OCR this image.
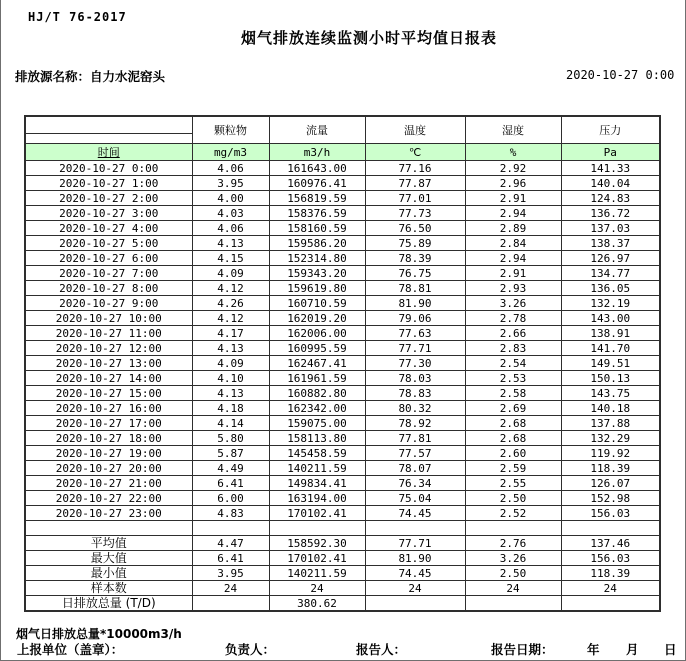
HJ/T 76-2017
烟气排放连续监测小时平均值日报表
排放源名称：自力水泥窑头	2020-10-27 0:00
	颗粒物	流量	温度	湿度	压力

时间	mg/m3	m3/h	℃	%	Pa
2020-10-27 0:00	4.06	161643.00	77.16	2.92	141.33
2020-10-27 1:00	3.95	160976.41	77.87	2.96	140.04
2020-10-27 2:00	4.00	156819.59	77.01	2.91	124.83
2020-10-27 3:00	4.03	158376.59	77.73	2.94	136.72
2020-10-27 4:00	4.06	158160.59	76.50	2.89	137.03
2020-10-27 5:00	4.13	159586.20	75.89	2.84	138.37
2020-10-27 6:00	4.15	152314.80	78.39	2.94	126.97
2020-10-27 7:00	4.09	159343.20	76.75	2.91	134.77
2020-10-27 8:00	4.12	159619.80	78.81	2.93	136.05
2020-10-27 9:00	4.26	160710.59	81.90	3.26	132.19
2020-10-27 10:00	4.12	162019.20	79.06	2.78	143.00
2020-10-27 11:00	4.17	162006.00	77.63	2.66	138.91
2020-10-27 12:00	4.13	160995.59	77.71	2.83	141.70
2020-10-27 13:00	4.09	162467.41	77.30	2.54	149.51
2020-10-27 14:00	4.10	161961.59	78.03	2.53	150.13
2020-10-27 15:00	4.13	160882.80	78.83	2.58	143.75
2020-10-27 16:00	4.18	162342.00	80.32	2.69	140.18
2020-10-27 17:00	4.14	159075.00	78.92	2.68	137.88
2020-10-27 18:00	5.80	158113.80	77.81	2.68	132.29
2020-10-27 19:00	5.87	145458.59	77.57	2.60	119.92
2020-10-27 20:00	4.49	140211.59	78.07	2.59	118.39
2020-10-27 21:00	6.41	149834.41	76.34	2.55	126.07
2020-10-27 22:00	6.00	163194.00	75.04	2.50	152.98
2020-10-27 23:00	4.83	170102.41	74.45	2.52	156.03

平均值	4.47	158592.30	77.71	2.76	137.46
最大值	6.41	170102.41	81.90	3.26	156.03
最小值	3.95	140211.59	74.45	2.50	118.39
样本数	24	24	24	24	24
日排放总量 (T/D)		380.62			
烟气日排放总量*10000m3/h
上报单位（盖章）：	负责人：	报告人：	报告日期：	年 月 日
